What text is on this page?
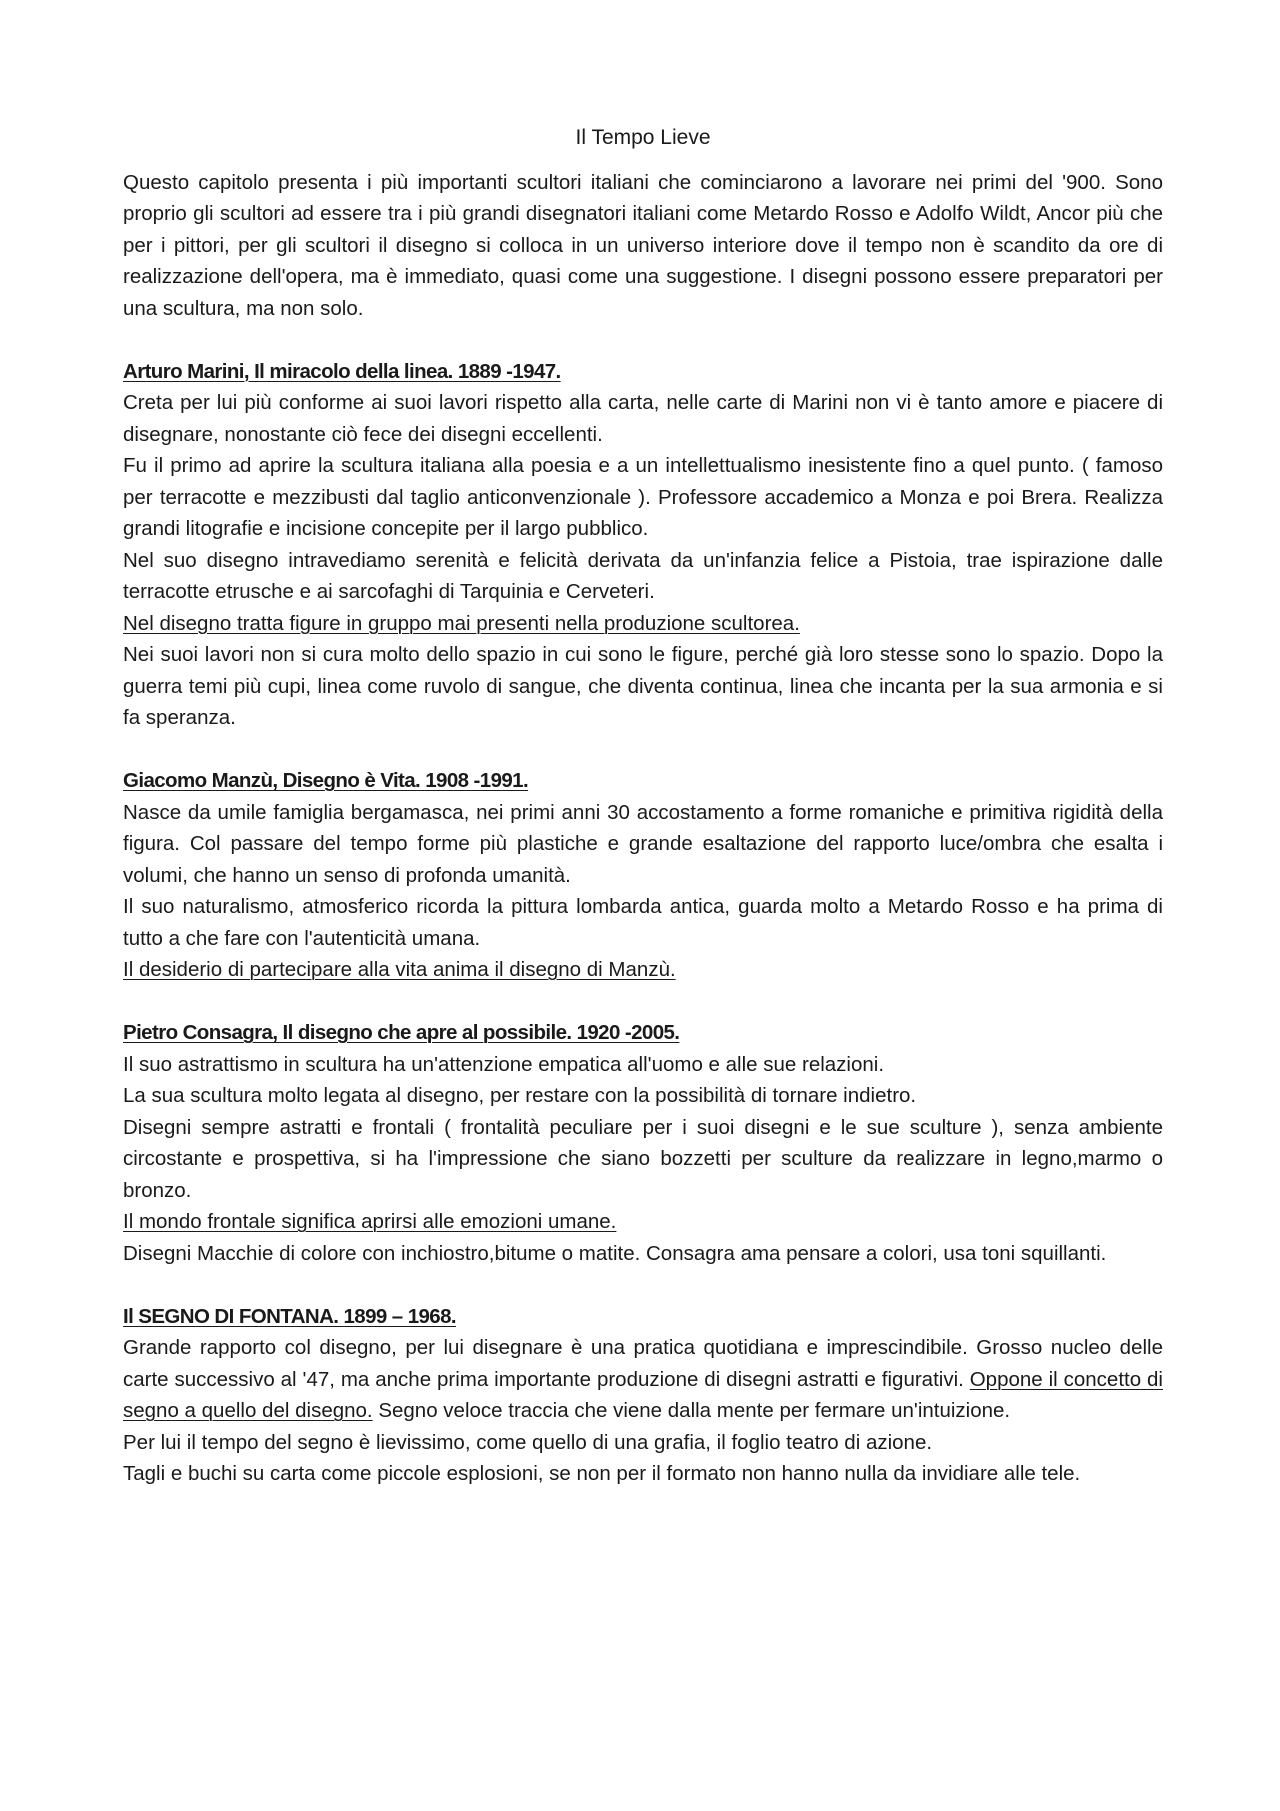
Il Tempo Lieve

Questo capitolo presenta i più importanti scultori italiani che cominciarono a lavorare nei primi del '900. Sono proprio gli scultori ad essere tra i più grandi disegnatori italiani come Metardo Rosso e Adolfo Wildt, Ancor più che per i pittori, per gli scultori il disegno si colloca in un universo interiore dove il tempo non è scandito da ore di realizzazione dell'opera, ma è immediato, quasi come una suggestione. I disegni possono essere preparatori per una scultura, ma non solo.

Arturo Marini, Il miracolo della linea. 1889 -1947.

Creta per lui più conforme ai suoi lavori rispetto alla carta, nelle carte di Marini non vi è tanto amore e piacere di disegnare, nonostante ciò fece dei disegni eccellenti.

Fu il primo ad aprire la scultura italiana alla poesia e a un intellettualismo inesistente fino a quel punto. ( famoso per terracotte e mezzibusti dal taglio anticonvenzionale ). Professore accademico a Monza e poi Brera. Realizza grandi litografie e incisione concepite per il largo pubblico.

Nel suo disegno intravediamo serenità e felicità derivata da un'infanzia felice a Pistoia, trae ispirazione dalle terracotte etrusche e ai sarcofaghi di Tarquinia e Cerveteri.

Nel disegno tratta figure in gruppo mai presenti nella produzione scultorea.

Nei suoi lavori non si cura molto dello spazio in cui sono le figure, perché già loro stesse sono lo spazio. Dopo la guerra temi più cupi, linea come ruvolo di sangue, che diventa continua, linea che incanta per la sua armonia e si fa speranza.

Giacomo Manzù, Disegno è Vita. 1908 -1991.

Nasce da umile famiglia bergamasca, nei primi anni 30 accostamento a forme romaniche e primitiva rigidità della figura. Col passare del tempo forme più plastiche e grande esaltazione del rapporto luce/ombra che esalta i volumi, che hanno un senso di profonda umanità.

Il suo naturalismo, atmosferico ricorda la pittura lombarda antica, guarda molto a Metardo Rosso e ha prima di tutto a che fare con l'autenticità umana.

Il desiderio di partecipare alla vita anima il disegno di Manzù.

Pietro Consagra, Il disegno che apre al possibile. 1920 -2005.

Il suo astrattismo in scultura ha un'attenzione empatica all'uomo e alle sue relazioni.

La sua scultura molto legata al disegno, per restare con la possibilità di tornare indietro.

Disegni sempre astratti e frontali ( frontalità peculiare per i suoi disegni e le sue sculture ), senza ambiente circostante e prospettiva, si ha l'impressione che siano bozzetti per sculture da realizzare in legno,marmo o bronzo.

Il mondo frontale significa aprirsi alle emozioni umane.

Disegni Macchie di colore con inchiostro,bitume o matite. Consagra ama pensare a colori, usa toni squillanti.

Il SEGNO DI FONTANA. 1899 – 1968.

Grande rapporto col disegno, per lui disegnare è una pratica quotidiana e imprescindibile. Grosso nucleo delle carte successivo al '47, ma anche prima importante produzione di disegni astratti e figurativi. Oppone il concetto di segno a quello del disegno. Segno veloce traccia che viene dalla mente per fermare un'intuizione.

Per lui il tempo del segno è lievissimo, come quello di una grafia, il foglio teatro di azione.

Tagli e buchi su carta come piccole esplosioni, se non per il formato non hanno nulla da invidiare alle tele.
